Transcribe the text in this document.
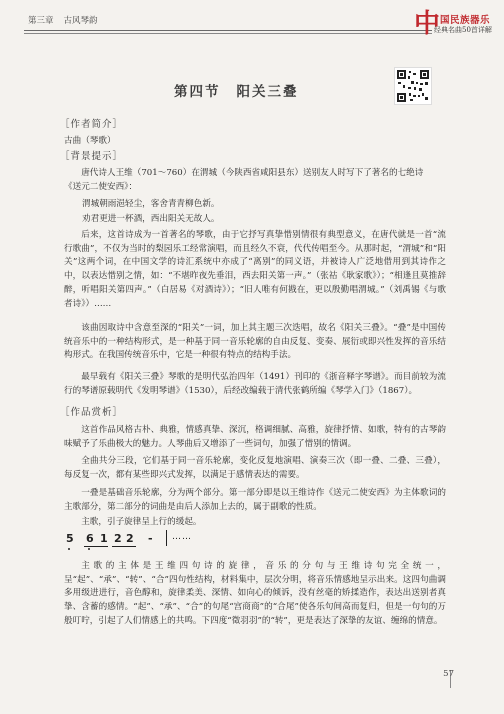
第三章 古风琴韵	中 国民族器乐
经典名曲50首详解
第四节 阳关三叠
［作者简介］
古曲（琴歌）
［背景提示］
唐代诗人王维（701～760）在渭城（今陕西省咸阳县东）送别友人时写下了著名的七绝诗
《送元二使安西》：
渭城朝雨浥轻尘，客舍青青柳色新。
劝君更进一杯酒，西出阳关无故人。
后来，这首诗成为一首著名的琴歌，由于它抒写真挚惜别情很有典型意义，在唐代就是一首“流行歌曲”，不仅为当时的梨园乐工经常演唱，而且经久不衰，代代传唱至今。从那时起，“渭城”和“阳关”这两个词，在中国文学的诗汇系统中亦成了“离别”的同义语，并被诗人广泛地借用到其诗作之中，以表达惜别之情，如：“不堪昨夜先垂泪，西去阳关第一声。”（张祜《耿家歌》）；“相逢且莫推辞醉，听唱阳关第四声。”（白居易《对酒诗》）；“旧人唯有何戡在，更以殷勤唱渭城。”（刘禹锡《与歌者诗》）……
该曲因取诗中含意至深的“阳关”一词，加上其主题三次迭唱，故名《阳关三叠》。“叠”是中国传统音乐中的一种结构形式，是一种基于同一音乐轮廓的自由反复、变奏、展衍或即兴性发挥的音乐结构形式。在我国传统音乐中，它是一种很有特点的结构手法。
最早载有《阳关三叠》琴歌的是明代弘治四年（1491）刊印的《浙音释字琴谱》。而目前较为流行的琴谱原载明代《发明琴谱》（1530），后经改编载于清代张鹤所编《琴学入门》（1867）。
［作品赏析］
这首作品风格古朴、典雅，情感真挚、深沉，格调细腻、高雅，旋律抒情、如歌，特有的古琴韵味赋予了乐曲极大的魅力。人琴曲后又增添了一些词句，加强了惜别的情调。
全曲共分三段，它们基于同一音乐轮廓，变化反复地演唱、演奏三次（即一叠、二叠、三叠），每反复一次，都有某些即兴式发挥，以满足于感情表达的需要。
一叠是基础音乐轮廓，分为两个部分。第一部分即是以王维诗作《送元二使安西》为主体歌词的主歌部分，第二部分的词曲是由后人添加上去的，属于副歌的性质。
主歌，引子旋律呈上行的缓起。
5 6 1 2 2 - ……
主歌的主体是王维四句诗的旋律，音乐的分句与王维诗句完全统一，呈“起”、“承”、“转”、“合”四句性结构，材料集中，层次分明，将音乐情感地呈示出来。这四句曲调多用级进进行，音色醇和，旋律柔美、深情、如向心的倾诉，没有丝毫的矫揉造作，表达出送别者真挚、含蓄的感情。“起”、“承”、“合”的句尾“宫商商”的“合尾”使各乐句间高而复归，但是一句句的万般叮咛，引起了人们情感上的共鸣。下四度“徵羽羽”的“转”，更是表达了深挚的友谊、缠绵的情意。
57
